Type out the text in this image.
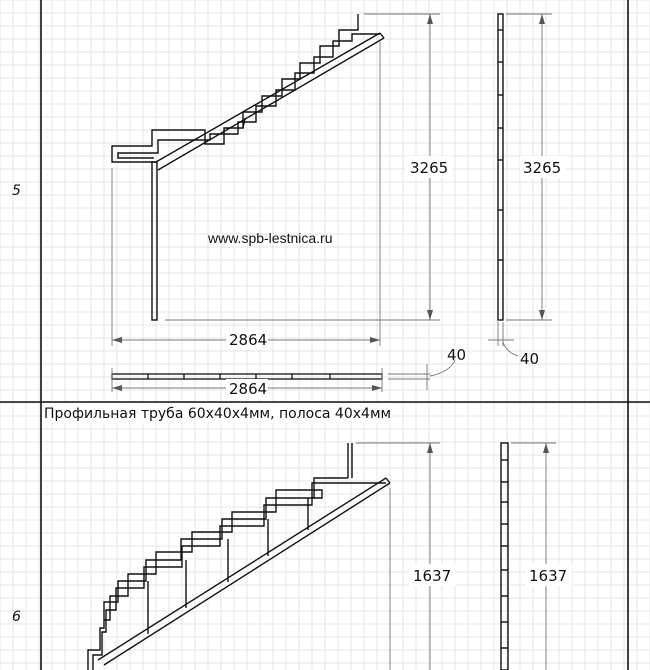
5
3265	3265
2864
2864
40	40
www.spb-lestnica.ru
Профильная труба 60х40х4мм, полоса 40х4мм
6
1637	1637
